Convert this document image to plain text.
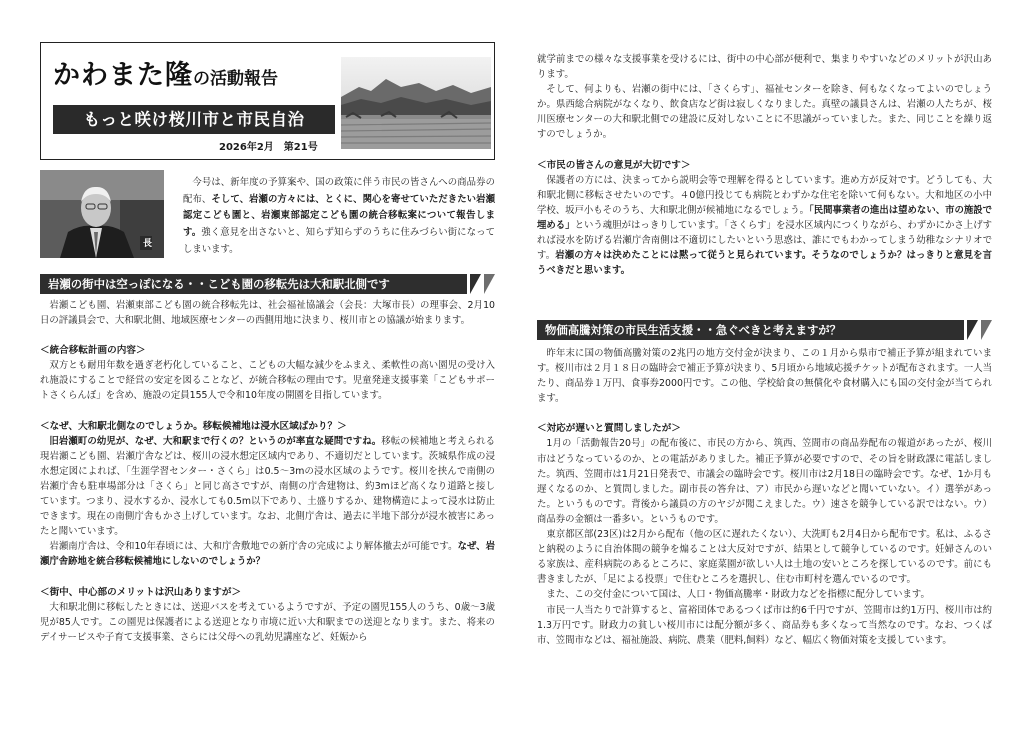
かわまた隆の活動報告
もっと咲け桜川市と市民自治
2026年2月　第21号
長

今号は、新年度の予算案や、国の政策に伴う市民の皆さんへの商品券の配布、そして、岩瀬の方々には、とくに、関心を寄せていただきたい岩瀬認定こども園と、岩瀬東部認定こども園の統合移転案について報告します。強く意見を出さないと、知らず知らずのうちに住みづらい街になってしまいます。

岩瀬の街中は空っぽになる・・こども園の移転先は大和駅北側です

岩瀬こども園、岩瀬東部こども園の統合移転先は、社会福祉協議会（会長：大塚市長）の理事会、2月10日の評議員会で、大和駅北側、地域医療センターの西側用地に決まり、桜川市との協議が始まります。

＜統合移転計画の内容＞

双方とも耐用年数を過ぎ老朽化していること、こどもの大幅な減少をふまえ、柔軟性の高い園児の受け入れ施設にすることで経営の安定を図ることなど、が統合移転の理由です。児童発達支援事業「こどもサポートさくらんぼ」を含め、施設の定員155人で令和10年度の開園を目指しています。

＜なぜ、大和駅北側なのでしょうか。移転候補地は浸水区域ばかり？＞

旧岩瀬町の幼児が、なぜ、大和駅まで行くの？というのが率直な疑問ですね。移転の候補地と考えられる現岩瀬こども園、岩瀬庁舎などは、桜川の浸水想定区域内であり、不適切だとしています。茨城県作成の浸水想定図によれば、「生涯学習センター・さくら」は0.5〜3mの浸水区域のようです。桜川を挟んで南側の岩瀬庁舎も駐車場部分は「さくら」と同じ高さですが、南側の庁舎建物は、約3mほど高くなり道路と接しています。つまり、浸水するか、浸水しても0.5m以下であり、土盛りするか、建物構造によって浸水は防止できます。現在の南側庁舎もかさ上げしています。なお、北側庁舎は、過去に半地下部分が浸水被害にあったと聞いています。

岩瀬南庁舎は、令和10年春頃には、大和庁舎敷地での新庁舎の完成により解体撤去が可能です。なぜ、岩瀬庁舎跡地を統合移転候補地にしないのでしょうか？

＜街中、中心部のメリットは沢山ありますが＞

大和駅北側に移転したときには、送迎バスを考えているようですが、予定の園児155人のうち、0歳〜3歳児が85人です。この園児は保護者による送迎となり市境に近い大和駅までの送迎となります。また、将来のデイサービスや子育て支援事業、さらには父母への乳幼児講座など、妊娠から

就学前までの様々な支援事業を受けるには、街中の中心部が便利で、集まりやすいなどのメリットが沢山あります。

そして、何よりも、岩瀬の街中には、「さくらす」、福祉センターを除き、何もなくなってよいのでしょうか。県西総合病院がなくなり、飲食店など街は寂しくなりました。真壁の議員さんは、岩瀬の人たちが、桜川医療センターの大和駅北側での建設に反対しないことに不思議がっていました。また、同じことを繰り返すのでしょうか。

＜市民の皆さんの意見が大切です＞

保護者の方には、決まってから説明会等で理解を得るとしています。進め方が反対です。どうしても、大和駅北側に移転させたいのです。４0億円投じても病院とわずかな住宅を除いて何もない。大和地区の小中学校、坂戸小もそのうち、大和駅北側が候補地になるでしょう。「民間事業者の進出は望めない、市の施設で埋める」という魂胆がはっきりしています。「さくらす」を浸水区域内につくりながら、わずかにかさ上げすれば浸水を防げる岩瀬庁舎南側は不適切にしたいという思惑は、誰にでもわかってしまう幼稚なシナリオです。岩瀬の方々は決めたことには黙って従うと見られています。そうなのでしょうか？はっきりと意見を言うべきだと思います。

物価高騰対策の市民生活支援・・急ぐべきと考えますが？

昨年末に国の物価高騰対策の2兆円の地方交付金が決まり、この１月から県市で補正予算が組まれています。桜川市は２月１８日の臨時会で補正予算が決まり、5月頃から地域応援チケットが配布されます。一人当たり、商品券１万円、食事券2000円です。この他、学校給食の無償化や食材購入にも国の交付金が当てられます。

＜対応が遅いと質問しましたが＞

1月の「活動報告20号」の配布後に、市民の方から、筑西、笠間市の商品券配布の報道があったが、桜川市はどうなっているのか、との電話がありました。補正予算が必要ですので、その旨を財政課に電話しました。筑西、笠間市は1月21日発表で、市議会の臨時会です。桜川市は2月18日の臨時会です。なぜ、1か月も遅くなるのか、と質問しました。副市長の答弁は、ア）市民から遅いなどと聞いていない。イ）選挙があった。というものです。背後から議員の方のヤジが聞こえました。ウ）速さを競争している訳ではない。ウ）商品券の金額は一番多い。というものです。

東京都区部(23区)は2月から配布（他の区に遅れたくない）、大洗町も2月4日から配布です。私は、ふるさと納税のように自治体間の競争を煽ることは大反対ですが、結果として競争しているのです。妊婦さんのいる家族は、産科病院のあるところに、家庭菜園が欲しい人は土地の安いところを探しているのです。前にも書きましたが、「足による投票」で住むところを選択し、住む市町村を選んでいるのです。

また、この交付金について国は、人口・物価高騰率・財政力などを指標に配分しています。

市民一人当たりで計算すると、富裕団体であるつくば市は約6千円ですが、笠間市は約1万円、桜川市は約1.3万円です。財政力の貧しい桜川市には配分額が多く、商品券も多くなって当然なのです。なお、つくば市、笠間市などは、福祉施設、病院、農業（肥料,飼料）など、幅広く物価対策を支援しています。
